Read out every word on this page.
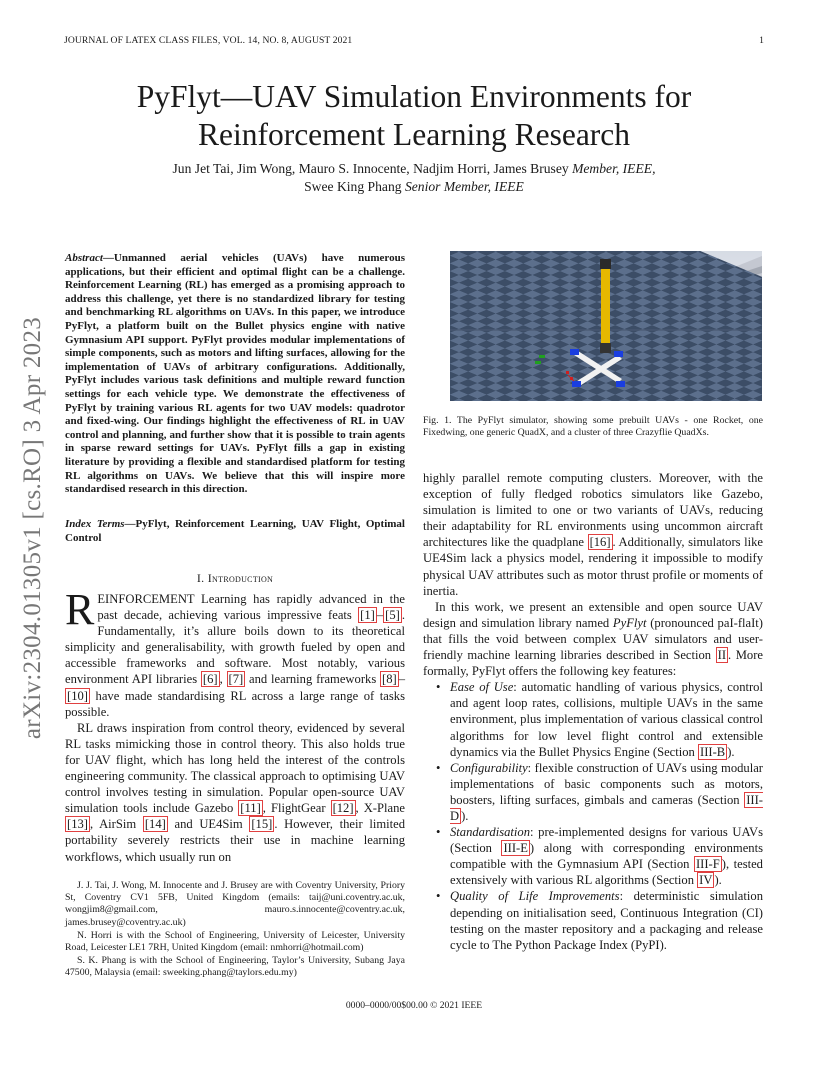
JOURNAL OF LATEX CLASS FILES, VOL. 14, NO. 8, AUGUST 2021	1
PyFlyt—UAV Simulation Environments for
Reinforcement Learning Research
Jun Jet Tai, Jim Wong, Mauro S. Innocente, Nadjim Horri, James Brusey Member, IEEE,
Swee King Phang Senior Member, IEEE
arXiv:2304.01305v1 [cs.RO] 3 Apr 2023
Abstract—Unmanned aerial vehicles (UAVs) have numerous applications, but their efficient and optimal flight can be a challenge. Reinforcement Learning (RL) has emerged as a promising approach to address this challenge, yet there is no standardized library for testing and benchmarking RL algorithms on UAVs. In this paper, we introduce PyFlyt, a platform built on the Bullet physics engine with native Gymnasium API support. PyFlyt provides modular implementations of simple components, such as motors and lifting surfaces, allowing for the implementation of UAVs of arbitrary configurations. Additionally, PyFlyt includes various task definitions and multiple reward function settings for each vehicle type. We demonstrate the effectiveness of PyFlyt by training various RL agents for two UAV models: quadrotor and fixed-wing. Our findings highlight the effectiveness of RL in UAV control and planning, and further show that it is possible to train agents in sparse reward settings for UAVs. PyFlyt fills a gap in existing literature by providing a flexible and standardised platform for testing RL algorithms on UAVs. We believe that this will inspire more standardised research in this direction.
Index Terms—PyFlyt, Reinforcement Learning, UAV Flight, Optimal Control
I. Introduction

REINFORCEMENT Learning has rapidly advanced in the past decade, achieving various impressive feats [1] – [5] . Fundamentally, it’s allure boils down to its theoretical simplicity and generalisability, with growth fueled by open and accessible frameworks and software. Most notably, various environment API libraries [6] , [7] and learning frameworks [8] –[10] have made standardising RL across a large range of tasks possible.

RL draws inspiration from control theory, evidenced by several RL tasks mimicking those in control theory. This also holds true for UAV flight, which has long held the interest of the controls engineering community. The classical approach to optimising UAV control involves testing in simulation. Popular open-source UAV simulation tools include Gazebo [11] , FlightGear [12] , X-Plane [13] , AirSim [14] and UE4Sim [15] . However, their limited portability severely restricts their use in machine learning workflows, which usually run on

J. J. Tai, J. Wong, M. Innocente and J. Brusey are with Coventry University, Priory St, Coventry CV1 5FB, United Kingdom (emails: taij@uni.coventry.ac.uk, wongjim8@gmail.com, mauro.s.innocente@coventry.ac.uk, james.brusey@coventry.ac.uk)

N. Horri is with the School of Engineering, University of Leicester, University Road, Leicester LE1 7RH, United Kingdom (email: nmhorri@hotmail.com)

S. K. Phang is with the School of Engineering, Taylor’s University, Subang Jaya 47500, Malaysia (email: sweeking.phang@taylors.edu.my)

Fig. 1. The PyFlyt simulator, showing some prebuilt UAVs - one Rocket, one Fixedwing, one generic QuadX, and a cluster of three Crazyflie QuadXs.

highly parallel remote computing clusters. Moreover, with the exception of fully fledged robotics simulators like Gazebo, simulation is limited to one or two variants of UAVs, reducing their adaptability for RL environments using uncommon aircraft architectures like the quadplane [16] . Additionally, simulators like UE4Sim lack a physics model, rendering it impossible to modify physical UAV attributes such as motor thrust profile or moments of inertia.

In this work, we present an extensible and open source UAV design and simulation library named PyFlyt (pronounced paI-flaIt) that fills the void between complex UAV simulators and user-friendly machine learning libraries described in Section II . More formally, PyFlyt offers the following key features:

• Ease of Use: automatic handling of various physics, control and agent loop rates, collisions, multiple UAVs in the same environment, plus implementation of various classical control algorithms for low level flight control and extensible dynamics via the Bullet Physics Engine (Section III-B ).
• Configurability: flexible construction of UAVs using modular implementations of basic components such as motors, boosters, lifting surfaces, gimbals and cameras (Section III-D ).
• Standardisation: pre-implemented designs for various UAVs (Section III-E ) along with corresponding environments compatible with the Gymnasium API (Section III-F ), tested extensively with various RL algorithms (Section IV ).
• Quality of Life Improvements: deterministic simulation depending on initialisation seed, Continuous Integration (CI) testing on the master repository and a packaging and release cycle to The Python Package Index (PyPI).
0000–0000/00$00.00 © 2021 IEEE
